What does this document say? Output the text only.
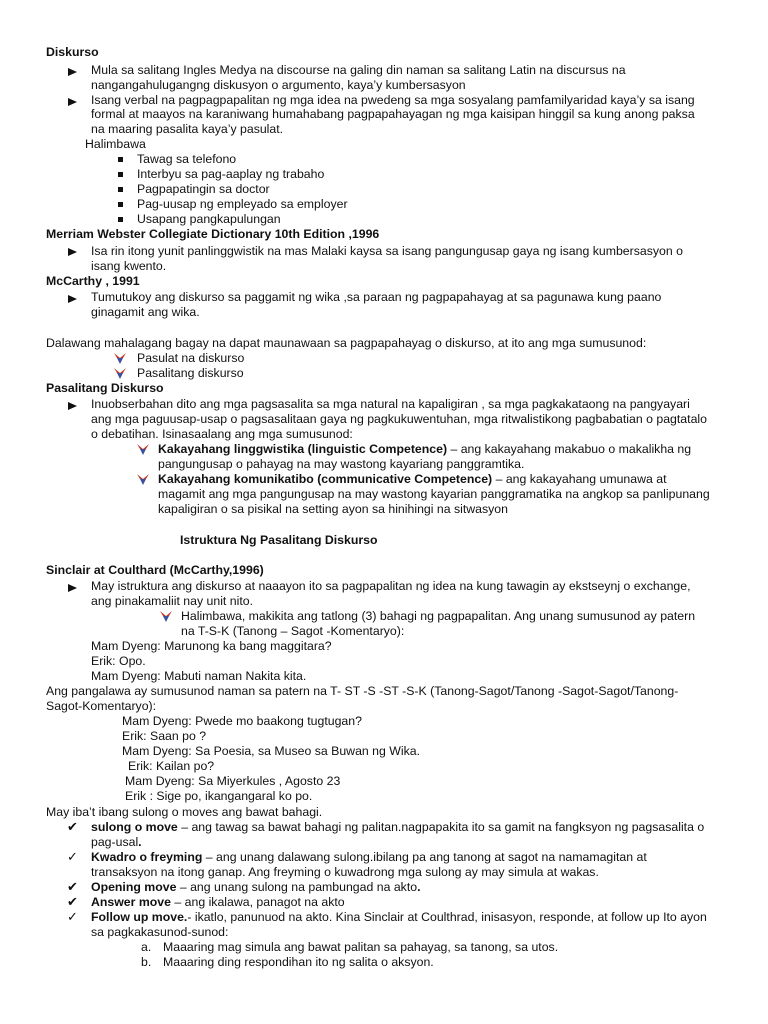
Diskurso
Mula sa salitang Ingles Medya na discourse na galing din naman sa salitang Latin na discursus na
nangangahulugangng diskusyon o argumento, kaya’y kumbersasyon
Isang verbal na pagpagpapalitan ng mga idea na pwedeng sa mga sosyalang pamfamilyaridad kaya’y sa isang
formal at maayos na karaniwang humahabang pagpapahayagan ng mga kaisipan hinggil sa kung anong paksa
na maaring pasalita kaya’y pasulat.
Halimbawa
Tawag sa telefono
Interbyu sa pag-aaplay ng trabaho
Pagpapatingin sa doctor
Pag-uusap ng empleyado sa employer
Usapang pangkapulungan
Merriam Webster Collegiate Dictionary 10th Edition ,1996
Isa rin itong yunit panlinggwistik na mas Malaki kaysa sa isang pangungusap gaya ng isang kumbersasyon o
isang kwento.
McCarthy , 1991
Tumutukoy ang diskurso sa paggamit ng wika ,sa paraan ng pagpapahayag at sa pagunawa kung paano
ginagamit ang wika.
Dalawang mahalagang bagay na dapat maunawaan sa pagpapahayag o diskurso, at ito ang mga sumusunod:
Pasulat na diskurso
Pasalitang diskurso
Pasalitang Diskurso
Inuobserbahan dito ang mga pagsasalita sa mga natural na kapaligiran , sa mga pagkakataong na pangyayari
ang mga paguusap-usap o pagsasalitaan gaya ng pagkukuwentuhan, mga ritwalistikong pagbabatian o pagtatalo
o debatihan. Isinasaalang ang mga sumusunod:
Kakayahang linggwistika (linguistic Competence) – ang kakayahang makabuo o makalikha ng
pangungusap o pahayag na may wastong kayariang panggramtika.
Kakayahang komunikatibo (communicative Competence) – ang kakayahang umunawa at
magamit ang mga pangungusap na may wastong kayarian panggramatika na angkop sa panlipunang
kapaligiran o sa pisikal na setting ayon sa hinihingi na sitwasyon
Istruktura Ng Pasalitang Diskurso
Sinclair at Coulthard (McCarthy,1996)
May istruktura ang diskurso at naaayon ito sa pagpapalitan ng idea na kung tawagin ay ekstseynj o exchange,
ang pinakamaliit nay unit nito.
Halimbawa, makikita ang tatlong (3) bahagi ng pagpapalitan. Ang unang sumusunod ay patern
na T-S-K (Tanong – Sagot -Komentaryo):
Mam Dyeng: Marunong ka bang maggitara?
Erik: Opo.
Mam Dyeng: Mabuti naman Nakita kita.
Ang pangalawa ay sumusunod naman sa patern na T- ST -S -ST -S-K (Tanong-Sagot/Tanong -Sagot-Sagot/Tanong-
Sagot-Komentaryo):
Mam Dyeng: Pwede mo baakong tugtugan?
Erik: Saan po ?
Mam Dyeng: Sa Poesia, sa Museo sa Buwan ng Wika.
Erik: Kailan po?
Mam Dyeng: Sa Miyerkules , Agosto 23
Erik : Sige po, ikangangaral ko po.
May iba’t ibang sulong o moves ang bawat bahagi.
✔ sulong o move – ang tawag sa bawat bahagi ng palitan.nagpapakita ito sa gamit na fangksyon ng pagsasalita o
pag-usal.
✓ Kwadro o freyming – ang unang dalawang sulong.ibilang pa ang tanong at sagot na namamagitan at
transaksyon na itong ganap. Ang freyming o kuwadrong mga sulong ay may simula at wakas.
✔ Opening move – ang unang sulong na pambungad na akto.
✔ Answer move – ang ikalawa, panagot na akto
✓ Follow up move.- ikatlo, panunuod na akto. Kina Sinclair at Coulthrad, inisasyon, responde, at follow up Ito ayon
sa pagkakasunod-sunod:
a. Maaaring mag simula ang bawat palitan sa pahayag, sa tanong, sa utos.
b. Maaaring ding respondihan ito ng salita o aksyon.
